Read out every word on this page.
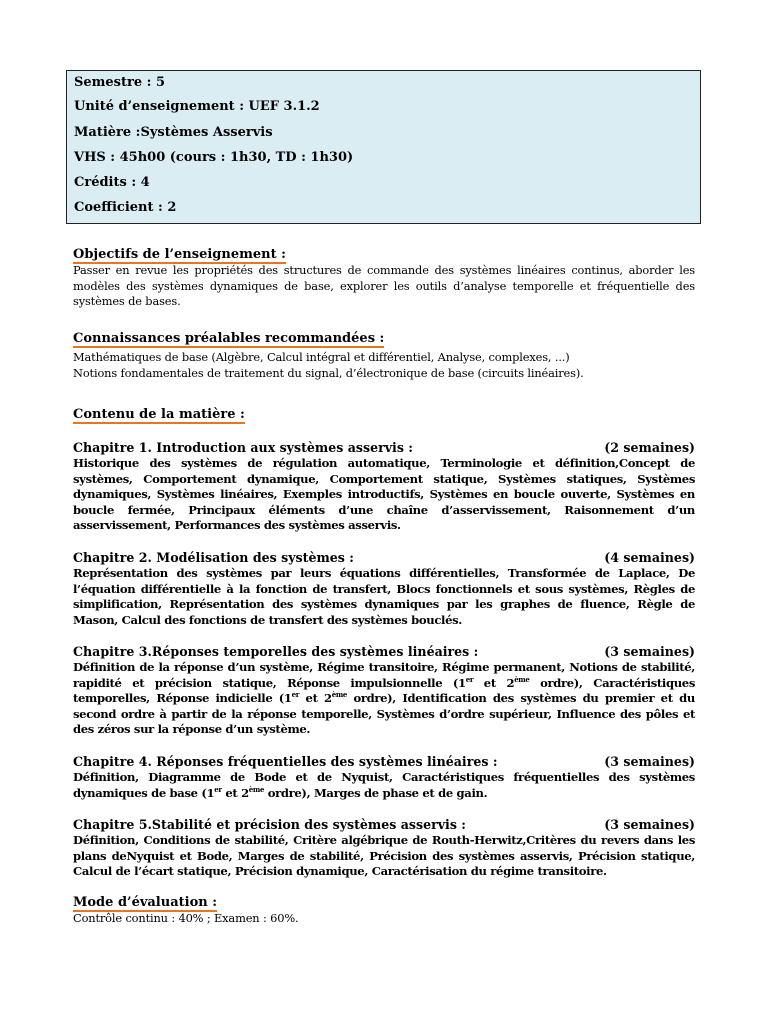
Semestre : 5
Unité d’enseignement : UEF 3.1.2
Matière :Systèmes Asservis
VHS : 45h00 (cours : 1h30, TD : 1h30)
Crédits : 4
Coefficient : 2
Objectifs de l’enseignement :
Passer en revue les propriétés des structures de commande des systèmes linéaires continus, aborder les modèles des systèmes dynamiques de base, explorer les outils d’analyse temporelle et fréquentielle des systèmes de bases.
Connaissances préalables recommandées :
Mathématiques de base (Algèbre, Calcul intégral et différentiel, Analyse, complexes, ...)
Notions fondamentales de traitement du signal, d’électronique de base (circuits linéaires).
Contenu de la matière :
Chapitre 1. Introduction aux systèmes asservis :	(2 semaines)
Historique des systèmes de régulation automatique, Terminologie et définition,Concept de systèmes, Comportement dynamique, Comportement statique, Systèmes statiques, Systèmes dynamiques, Systèmes linéaires, Exemples introductifs, Systèmes en boucle ouverte, Systèmes en boucle fermée, Principaux éléments d’une chaîne d’asservissement, Raisonnement d’un asservissement, Performances des systèmes asservis.
Chapitre 2. Modélisation des systèmes :	(4 semaines)
Représentation des systèmes par leurs équations différentielles, Transformée de Laplace, De l’équation différentielle à la fonction de transfert, Blocs fonctionnels et sous systèmes, Règles de simplification, Représentation des systèmes dynamiques par les graphes de fluence, Règle de Mason, Calcul des fonctions de transfert des systèmes bouclés.
Chapitre 3.Réponses temporelles des systèmes linéaires :	(3 semaines)
Définition de la réponse d’un système, Régime transitoire, Régime permanent, Notions de stabilité, rapidité et précision statique, Réponse impulsionnelle (1er et 2ème ordre), Caractéristiques temporelles, Réponse indicielle (1er et 2ème ordre), Identification des systèmes du premier et du second ordre à partir de la réponse temporelle, Systèmes d’ordre supérieur, Influence des pôles et des zéros sur la réponse d’un système.
Chapitre 4. Réponses fréquentielles des systèmes linéaires :	(3 semaines)
Définition, Diagramme de Bode et de Nyquist, Caractéristiques fréquentielles des systèmes dynamiques de base (1er et 2ème ordre), Marges de phase et de gain.
Chapitre 5.Stabilité et précision des systèmes asservis :	(3 semaines)
Définition, Conditions de stabilité, Critère algébrique de Routh-Herwitz,Critères du revers dans les plans deNyquist et Bode, Marges de stabilité, Précision des systèmes asservis, Précision statique, Calcul de l’écart statique, Précision dynamique, Caractérisation du régime transitoire.
Mode d’évaluation :
Contrôle continu : 40% ; Examen : 60%.
